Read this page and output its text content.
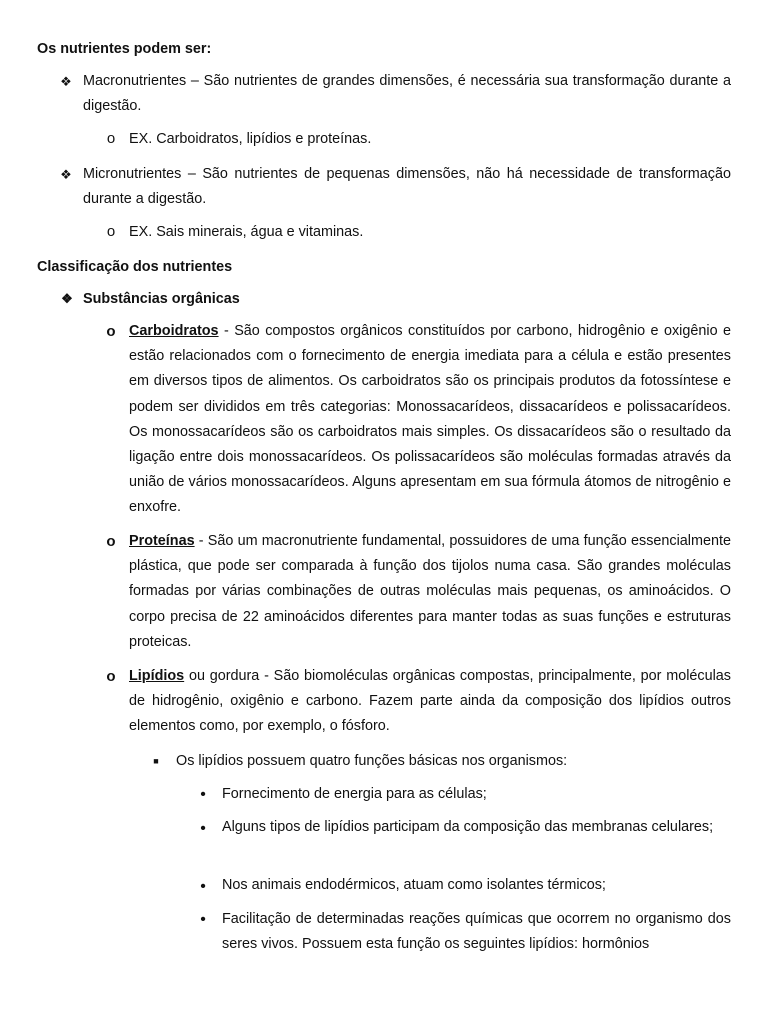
Os nutrientes podem ser:
❖ Macronutrientes – São nutrientes de grandes dimensões, é necessária sua transformação durante a digestão.
o EX. Carboidratos, lipídios e proteínas.
❖ Micronutrientes – São nutrientes de pequenas dimensões, não há necessidade de transformação durante a digestão.
o EX. Sais minerais, água e vitaminas.
Classificação dos nutrientes
❖ Substâncias orgânicas
o Carboidratos - São compostos orgânicos constituídos por carbono, hidrogênio e oxigênio e estão relacionados com o fornecimento de energia imediata para a célula e estão presentes em diversos tipos de alimentos. Os carboidratos são os principais produtos da fotossíntese e podem ser divididos em três categorias: Monossacarídeos, dissacarídeos e polissacarídeos. Os monossacarídeos são os carboidratos mais simples. Os dissacarídeos são o resultado da ligação entre dois monossacarídeos. Os polissacarídeos são moléculas formadas através da união de vários monossacarídeos. Alguns apresentam em sua fórmula átomos de nitrogênio e enxofre.
o Proteínas - São um macronutriente fundamental, possuidores de uma função essencialmente plástica, que pode ser comparada à função dos tijolos numa casa. São grandes moléculas formadas por várias combinações de outras moléculas mais pequenas, os aminoácidos. O corpo precisa de 22 aminoácidos diferentes para manter todas as suas funções e estruturas proteicas.
o Lipídios ou gordura - São biomoléculas orgânicas compostas, principalmente, por moléculas de hidrogênio, oxigênio e carbono. Fazem parte ainda da composição dos lipídios outros elementos como, por exemplo, o fósforo.
■ Os lipídios possuem quatro funções básicas nos organismos:
• Fornecimento de energia para as células;
• Alguns tipos de lipídios participam da composição das membranas celulares;
• Nos animais endodérmicos, atuam como isolantes térmicos;
• Facilitação de determinadas reações químicas que ocorrem no organismo dos seres vivos. Possuem esta função os seguintes lipídios: hormônios
